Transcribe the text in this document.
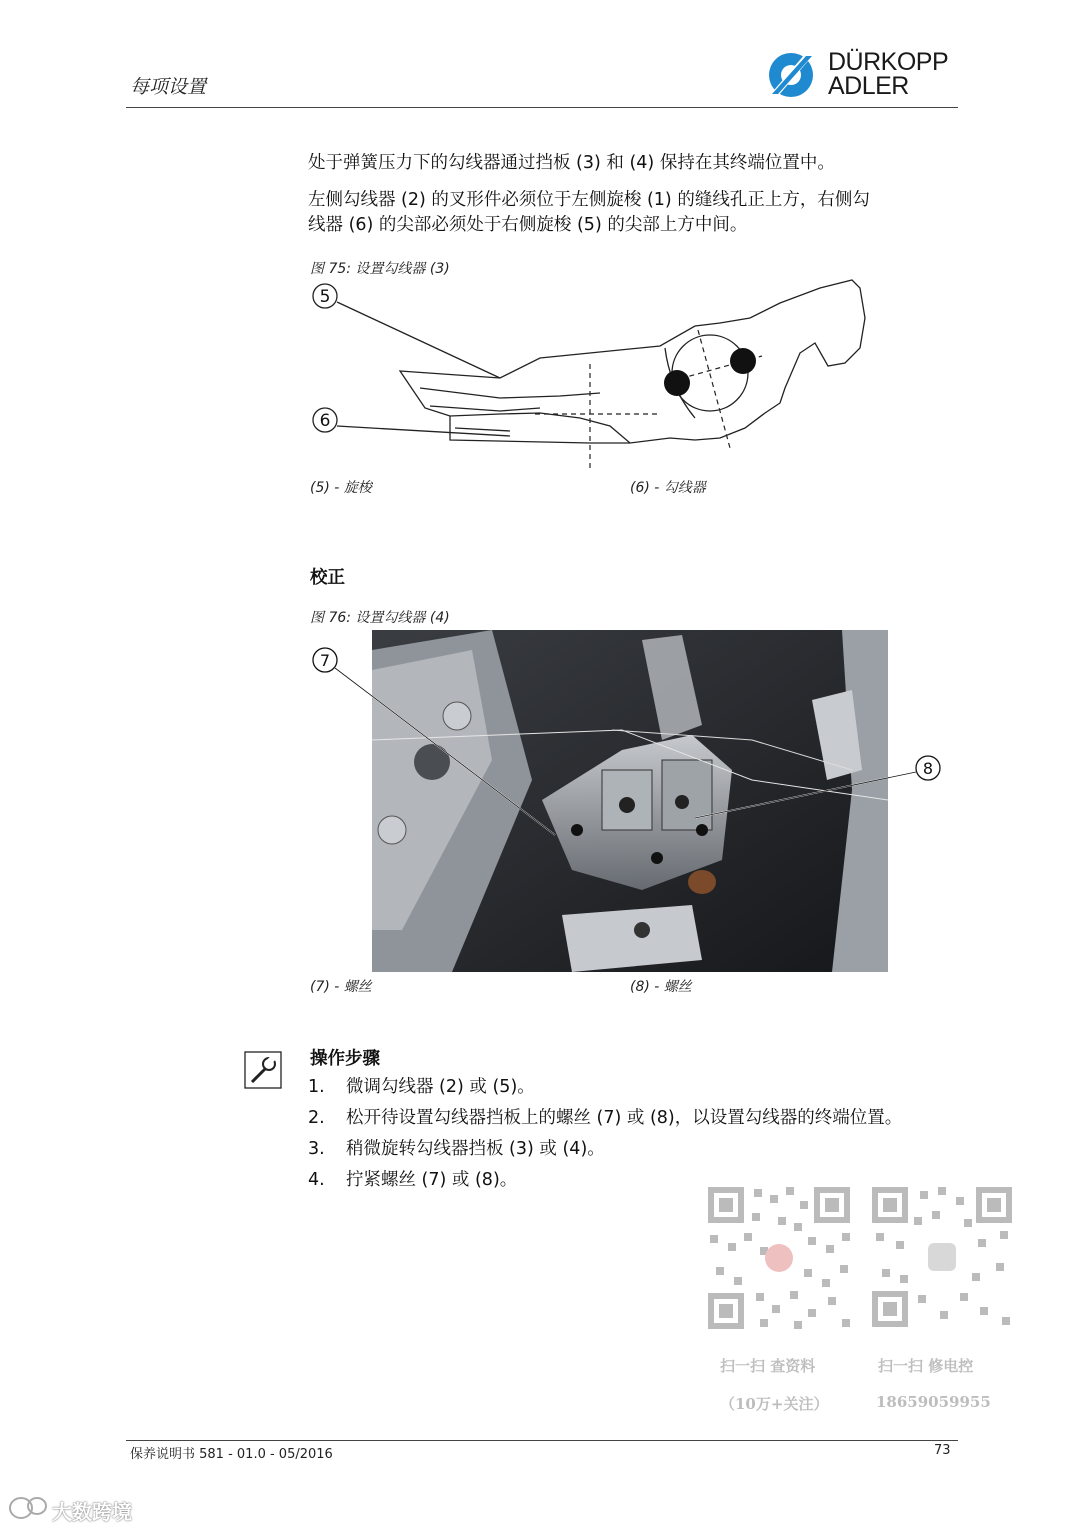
每项设置
DÜRKOPP
ADLER
处于弹簧压力下的勾线器通过挡板 (3) 和 (4) 保持在其终端位置中。
左侧勾线器 (2) 的叉形件必须位于左侧旋梭 (1) 的缝线孔正上方，右侧勾
线器 (6) 的尖部必须处于右侧旋梭 (5) 的尖部上方中间。
图 75: 设置勾线器 (3)
5
6
(5) - 旋梭	(6) - 勾线器
校正
图 76: 设置勾线器 (4)
7
8
(7) - 螺丝	(8) - 螺丝
操作步骤
1. 微调勾线器 (2) 或 (5)。
2. 松开待设置勾线器挡板上的螺丝 (7) 或 (8)，以设置勾线器的终端位置。
3. 稍微旋转勾线器挡板 (3) 或 (4)。
4. 拧紧螺丝 (7) 或 (8)。
扫一扫 查资料
（10万+关注）
扫一扫 修电控
18659059955
保养说明书 581 - 01.0 - 05/2016	73
大数跨境
